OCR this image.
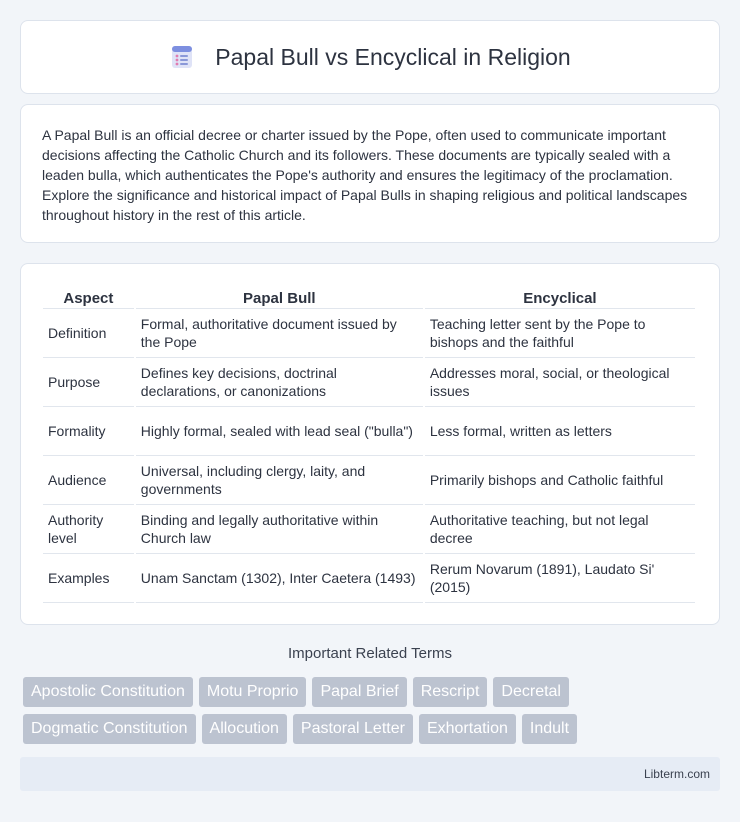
Papal Bull vs Encyclical in Religion

A Papal Bull is an official decree or charter issued by the Pope, often used to communicate important decisions affecting the Catholic Church and its followers. These documents are typically sealed with a leaden bulla, which authenticates the Pope's authority and ensures the legitimacy of the proclamation. Explore the significance and historical impact of Papal Bulls in shaping religious and political landscapes throughout history in the rest of this article.

Aspect	Papal Bull	Encyclical
Definition	Formal, authoritative document issued by the Pope	Teaching letter sent by the Pope to bishops and the faithful
Purpose	Defines key decisions, doctrinal declarations, or canonizations	Addresses moral, social, or theological issues
Formality	Highly formal, sealed with lead seal ("bulla")	Less formal, written as letters
Audience	Universal, including clergy, laity, and governments	Primarily bishops and Catholic faithful
Authority level	Binding and legally authoritative within Church law	Authoritative teaching, but not legal decree
Examples	Unam Sanctam (1302), Inter Caetera (1493)	Rerum Novarum (1891), Laudato Si' (2015)
Important Related Terms
Apostolic Constitution	Motu Proprio	Papal Brief	Rescript	Decretal
Dogmatic Constitution	Allocution	Pastoral Letter	Exhortation	Indult
Libterm.com
